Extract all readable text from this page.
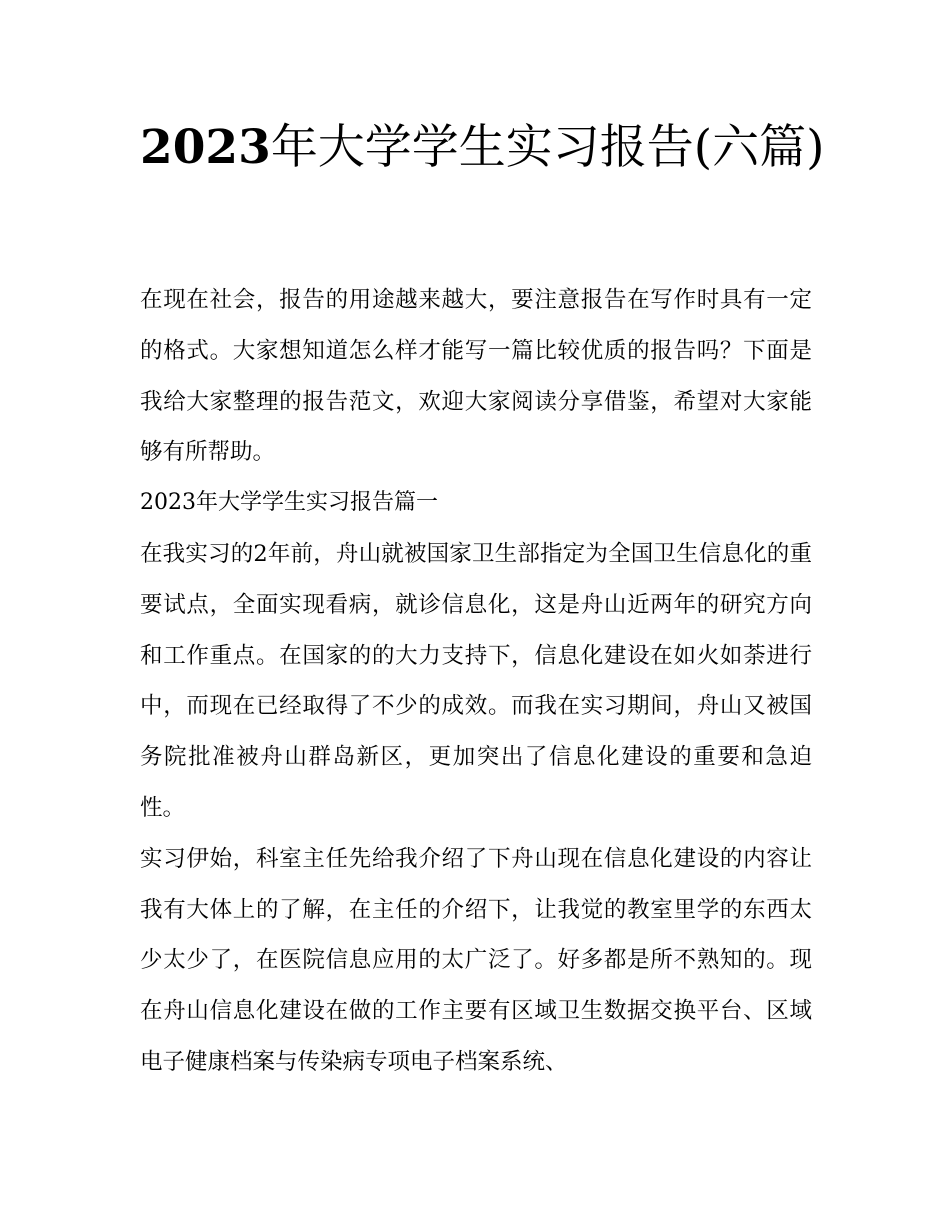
2023年大学学生实习报告(六篇)

在现在社会，报告的用途越来越大，要注意报告在写作时具有一定的格式。大家想知道怎么样才能写一篇比较优质的报告吗？下面是我给大家整理的报告范文，欢迎大家阅读分享借鉴，希望对大家能够有所帮助。

2023年大学学生实习报告篇一

在我实习的2年前，舟山就被国家卫生部指定为全国卫生信息化的重要试点，全面实现看病，就诊信息化，这是舟山近两年的研究方向和工作重点。在国家的的大力支持下，信息化建设在如火如荼进行中，而现在已经取得了不少的成效。而我在实习期间，舟山又被国务院批准被舟山群岛新区，更加突出了信息化建设的重要和急迫性。

实习伊始，科室主任先给我介绍了下舟山现在信息化建设的内容让我有大体上的了解，在主任的介绍下，让我觉的教室里学的东西太少太少了，在医院信息应用的太广泛了。好多都是所不熟知的。现在舟山信息化建设在做的工作主要有区域卫生数据交换平台、区域电子健康档案与传染病专项电子档案系统、
